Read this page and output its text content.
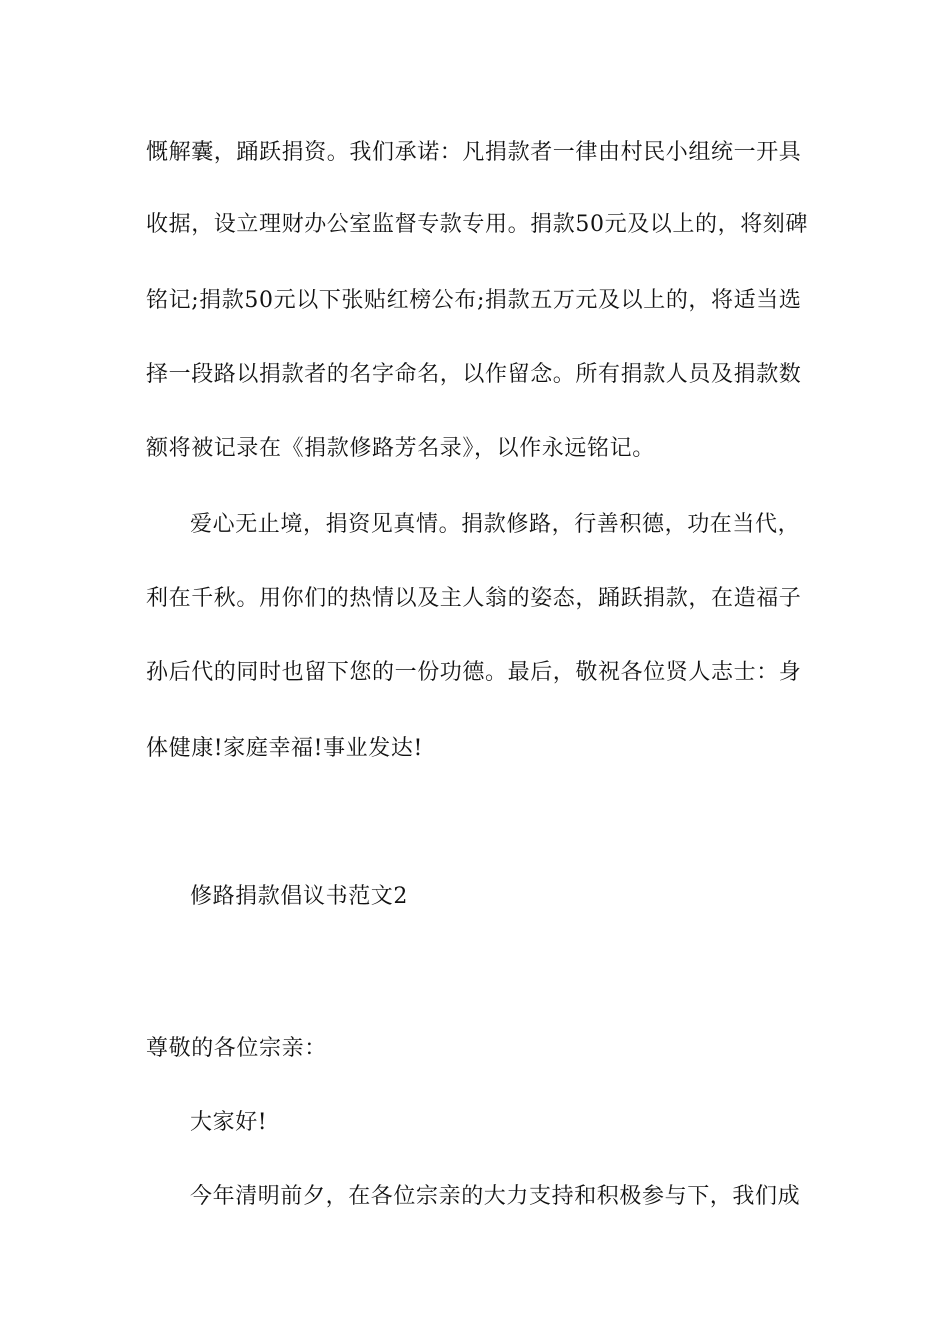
慨解囊，踊跃捐资。我们承诺：凡捐款者一律由村民小组统一开具
收据，设立理财办公室监督专款专用。捐款50元及以上的，将刻碑
铭记;捐款50元以下张贴红榜公布;捐款五万元及以上的，将适当选
择一段路以捐款者的名字命名，以作留念。所有捐款人员及捐款数
额将被记录在《捐款修路芳名录》，以作永远铭记。
爱心无止境，捐资见真情。捐款修路，行善积德，功在当代，
利在千秋。用你们的热情以及主人翁的姿态，踊跃捐款，在造福子
孙后代的同时也留下您的一份功德。最后，敬祝各位贤人志士：身
体健康!家庭幸福!事业发达!
修路捐款倡议书范文2
尊敬的各位宗亲：
大家好!
今年清明前夕，在各位宗亲的大力支持和积极参与下，我们成
